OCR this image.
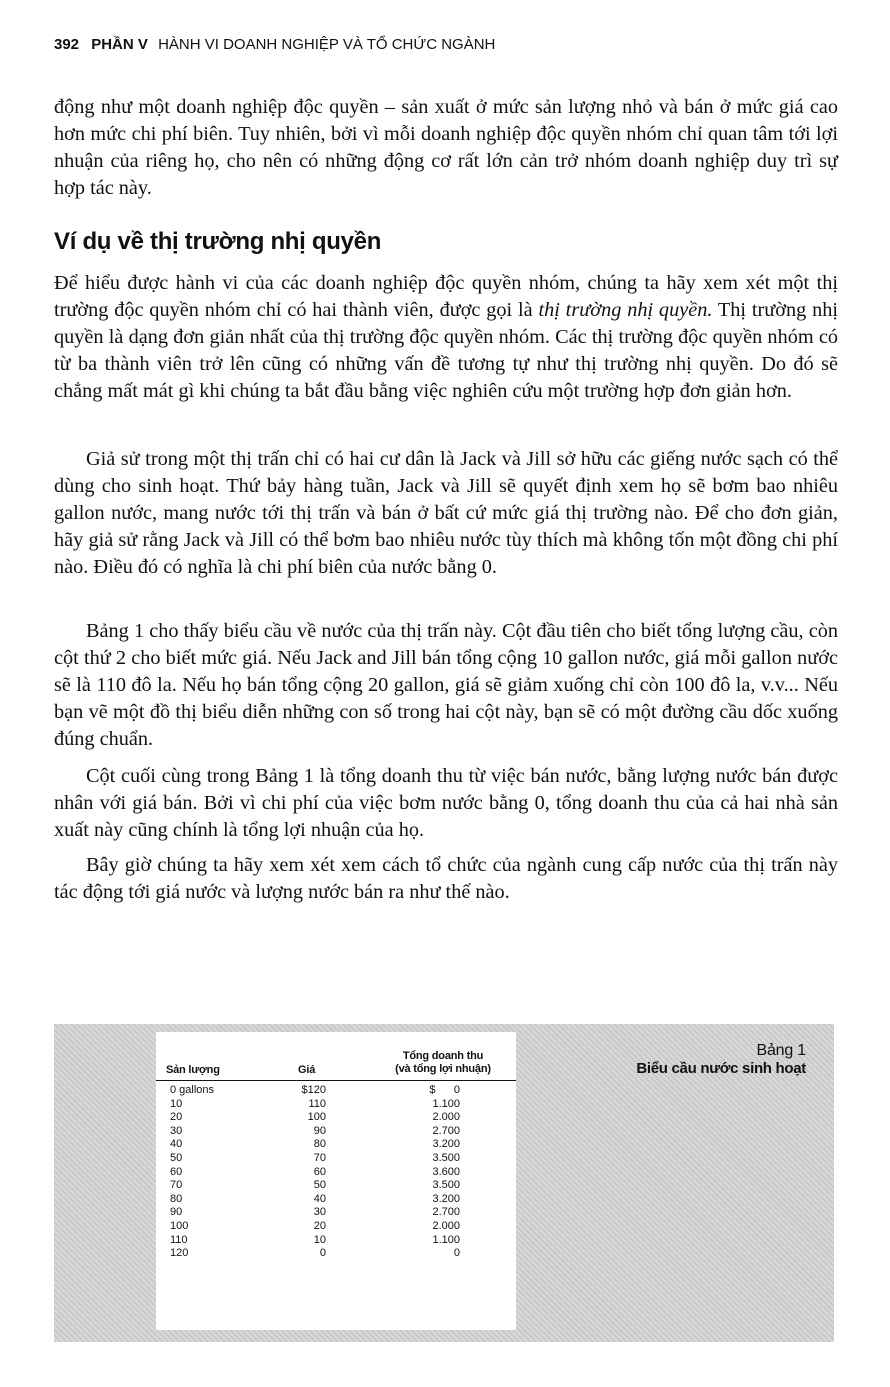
392 PHẦN V HÀNH VI DOANH NGHIỆP VÀ TỔ CHỨC NGÀNH

động như một doanh nghiệp độc quyền – sản xuất ở mức sản lượng nhỏ và bán ở mức giá cao hơn mức chi phí biên. Tuy nhiên, bởi vì mỗi doanh nghiệp độc quyền nhóm chỉ quan tâm tới lợi nhuận của riêng họ, cho nên có những động cơ rất lớn cản trở nhóm doanh nghiệp duy trì sự hợp tác này.

Ví dụ về thị trường nhị quyền

Để hiểu được hành vi của các doanh nghiệp độc quyền nhóm, chúng ta hãy xem xét một thị trường độc quyền nhóm chỉ có hai thành viên, được gọi là thị trường nhị quyền. Thị trường nhị quyền là dạng đơn giản nhất của thị trường độc quyền nhóm. Các thị trường độc quyền nhóm có từ ba thành viên trở lên cũng có những vấn đề tương tự như thị trường nhị quyền. Do đó sẽ chẳng mất mát gì khi chúng ta bắt đầu bằng việc nghiên cứu một trường hợp đơn giản hơn.

Giả sử trong một thị trấn chỉ có hai cư dân là Jack và Jill sở hữu các giếng nước sạch có thể dùng cho sinh hoạt. Thứ bảy hàng tuần, Jack và Jill sẽ quyết định xem họ sẽ bơm bao nhiêu gallon nước, mang nước tới thị trấn và bán ở bất cứ mức giá thị trường nào. Để cho đơn giản, hãy giả sử rằng Jack và Jill có thể bơm bao nhiêu nước tùy thích mà không tốn một đồng chi phí nào. Điều đó có nghĩa là chi phí biên của nước bằng 0.

Bảng 1 cho thấy biểu cầu về nước của thị trấn này. Cột đầu tiên cho biết tổng lượng cầu, còn cột thứ 2 cho biết mức giá. Nếu Jack and Jill bán tổng cộng 10 gallon nước, giá mỗi gallon nước sẽ là 110 đô la. Nếu họ bán tổng cộng 20 gallon, giá sẽ giảm xuống chỉ còn 100 đô la, v.v... Nếu bạn vẽ một đồ thị biểu diễn những con số trong hai cột này, bạn sẽ có một đường cầu dốc xuống đúng chuẩn.

Cột cuối cùng trong Bảng 1 là tổng doanh thu từ việc bán nước, bằng lượng nước bán được nhân với giá bán. Bởi vì chi phí của việc bơm nước bằng 0, tổng doanh thu của cả hai nhà sản xuất này cũng chính là tổng lợi nhuận của họ.

Bây giờ chúng ta hãy xem xét xem cách tổ chức của ngành cung cấp nước của thị trấn này tác động tới giá nước và lượng nước bán ra như thế nào.

Sản lượng	Giá
Tổng doanh thu
(và tổng lợi nhuận)
0 gallons	$120	$      0
10	110	1.100
20	100	2.000
30	90	2.700
40	80	3.200
50	70	3.500
60	60	3.600
70	50	3.500
80	40	3.200
90	30	2.700
100	20	2.000
110	10	1.100
120	0	0
Bảng 1
Biểu cầu nước sinh hoạt
